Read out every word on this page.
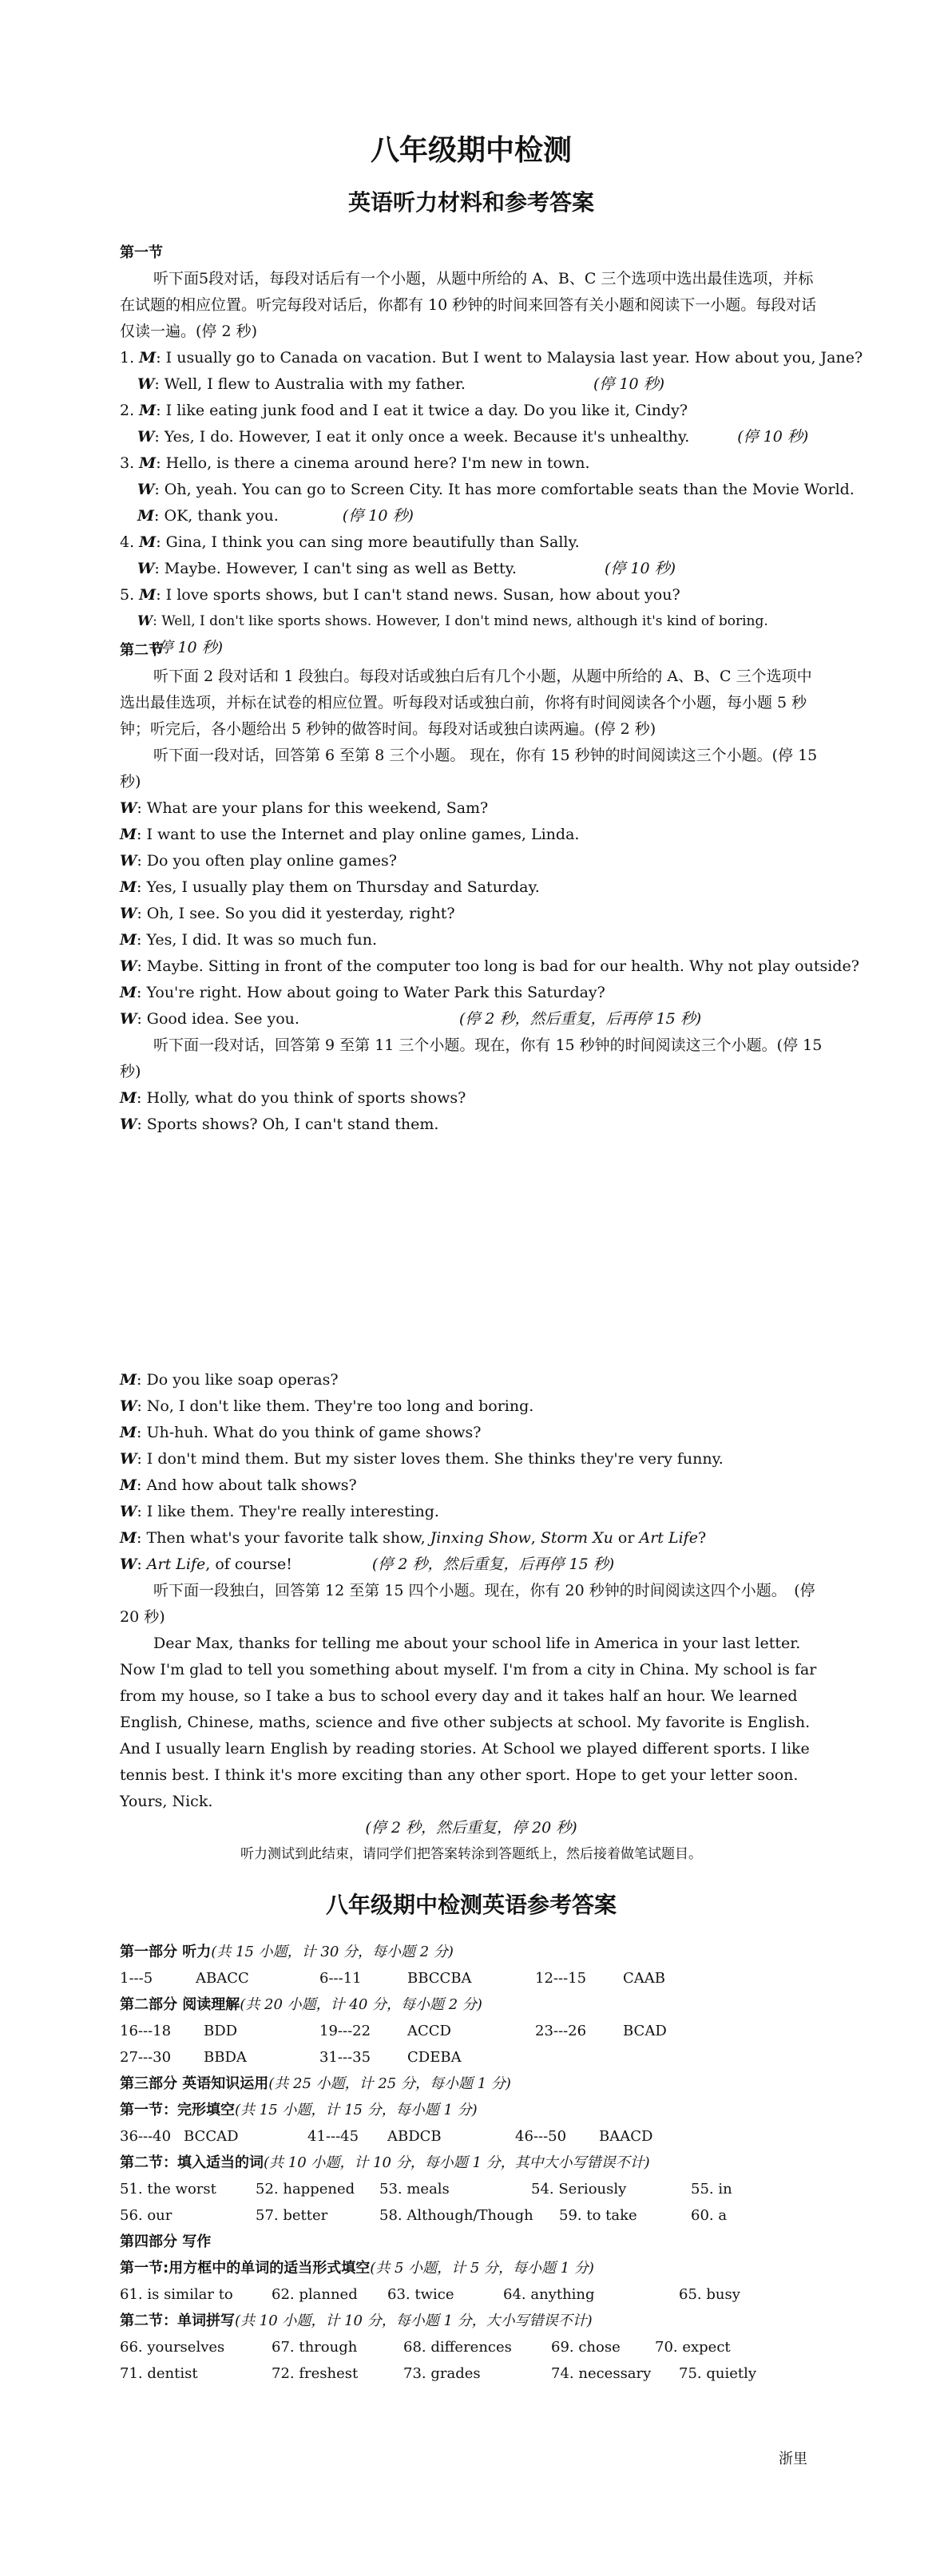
八年级期中检测
英语听力材料和参考答案

第一节

听下面5段对话，每段对话后有一个小题，从题中所给的 A、B、C 三个选项中选出最佳选项，并标在试题的相应位置。听完每段对话后，你都有 10 秒钟的时间来回答有关小题和阅读下一小题。每段对话仅读一遍。(停 2 秒)

1. M: I usually go to Canada on vacation. But I went to Malaysia last year. How about you, Jane?

W: Well, I flew to Australia with my father.	(停 10 秒)

2. M: I like eating junk food and I eat it twice a day. Do you like it, Cindy?

W: Yes, I do. However, I eat it only once a week. Because it's unhealthy.	(停 10 秒)

3. M: Hello, is there a cinema around here? I'm new in town.

W: Oh, yeah. You can go to Screen City. It has more comfortable seats than the Movie World.

M: OK, thank you.	(停 10 秒)

4. M: Gina, I think you can sing more beautifully than Sally.

W: Maybe. However, I can't sing as well as Betty.	(停 10 秒)

5. M: I love sports shows, but I can't stand news. Susan, how about you?

W: Well, I don't like sports shows. However, I don't mind news, although it's kind of boring.

(停 10 秒)

第二节

听下面 2 段对话和 1 段独白。每段对话或独白后有几个小题，从题中所给的 A、B、C 三个选项中选出最佳选项，并标在试卷的相应位置。听每段对话或独白前，你将有时间阅读各个小题，每小题 5 秒钟；听完后，各小题给出 5 秒钟的做答时间。每段对话或独白读两遍。(停 2 秒)

听下面一段对话，回答第 6 至第 8 三个小题。 现在，你有 15 秒钟的时间阅读这三个小题。(停 15 秒)

W: What are your plans for this weekend, Sam?

M: I want to use the Internet and play online games, Linda.

W: Do you often play online games?

M: Yes, I usually play them on Thursday and Saturday.

W: Oh, I see. So you did it yesterday, right?

M: Yes, I did. It was so much fun.

W: Maybe. Sitting in front of the computer too long is bad for our health. Why not play outside?

M: You're right. How about going to Water Park this Saturday?

W: Good idea. See you.	(停 2 秒，然后重复，后再停 15 秒)

听下面一段对话，回答第 9 至第 11 三个小题。现在，你有 15 秒钟的时间阅读这三个小题。(停 15 秒)

M: Holly, what do you think of sports shows?

W: Sports shows? Oh, I can't stand them.

M: Do you like soap operas?

W: No, I don't like them. They're too long and boring.

M: Uh-huh. What do you think of game shows?

W: I don't mind them. But my sister loves them. She thinks they're very funny.

M: And how about talk shows?

W: I like them. They're really interesting.

M: Then what's your favorite talk show, Jinxing Show, Storm Xu or Art Life?

W: Art Life, of course!	(停 2 秒，然后重复，后再停 15 秒)

听下面一段独白，回答第 12 至第 15 四个小题。现在，你有 20 秒钟的时间阅读这四个小题。　(停 20 秒)

Dear Max, thanks for telling me about your school life in America in your last letter. Now I'm glad to tell you something about myself. I'm from a city in China. My school is far from my house, so I take a bus to school every day and it takes half an hour. We learned English, Chinese, maths, science and five other subjects at school. My favorite is English. And I usually learn English by reading stories. At School we played different sports. I like tennis best. I think it's more exciting than any other sport. Hope to get your letter soon. Yours, Nick.

(停 2 秒，然后重复，停 20 秒)

听力测试到此结束，请同学们把答案转涂到答题纸上，然后接着做笔试题目。

八年级期中检测英语参考答案
第一部分 听力 (共 15 小题，计 30 分，每小题 2 分)
1---5	ABACC	6---11	BBCCBA	12---15	CAAB
第二部分 阅读理解 (共 20 小题，计 40 分，每小题 2 分)
16---18 BDD	19---22	ACCD	23---26	BCAD
27---30 BBDA	31---35	CDEBA
第三部分 英语知识运用 (共 25 小题，计 25 分，每小题 1 分)
第一节：完形填空 (共 15 小题，计 15 分，每小题 1 分)
36---40 BCCAD	41---45 ABDCB	46---50 BAACD
第二节：填入适当的词 (共 10 小题，计 10 分，每小题 1 分，其中大小写错误不计)
51. the worst	52. happened 53. meals	54. Seriously	55. in
56. our	57. better	58. Although/Though 59. to take	60. a
第四部分 写作
第一节:用方框中的单词的适当形式填空 (共 5 小题，计 5 分，每小题 1 分)
61. is similar to	62. planned 63. twice	64. anything	65. busy
第二节：单词拼写 (共 10 小题，计 10 分，每小题 1 分，大小写错误不计)
66. yourselves	67. through	68. differences	69. chose 70. expect
71. dentist	72. freshest	73. grades	74. necessary 75. quietly
浙里
